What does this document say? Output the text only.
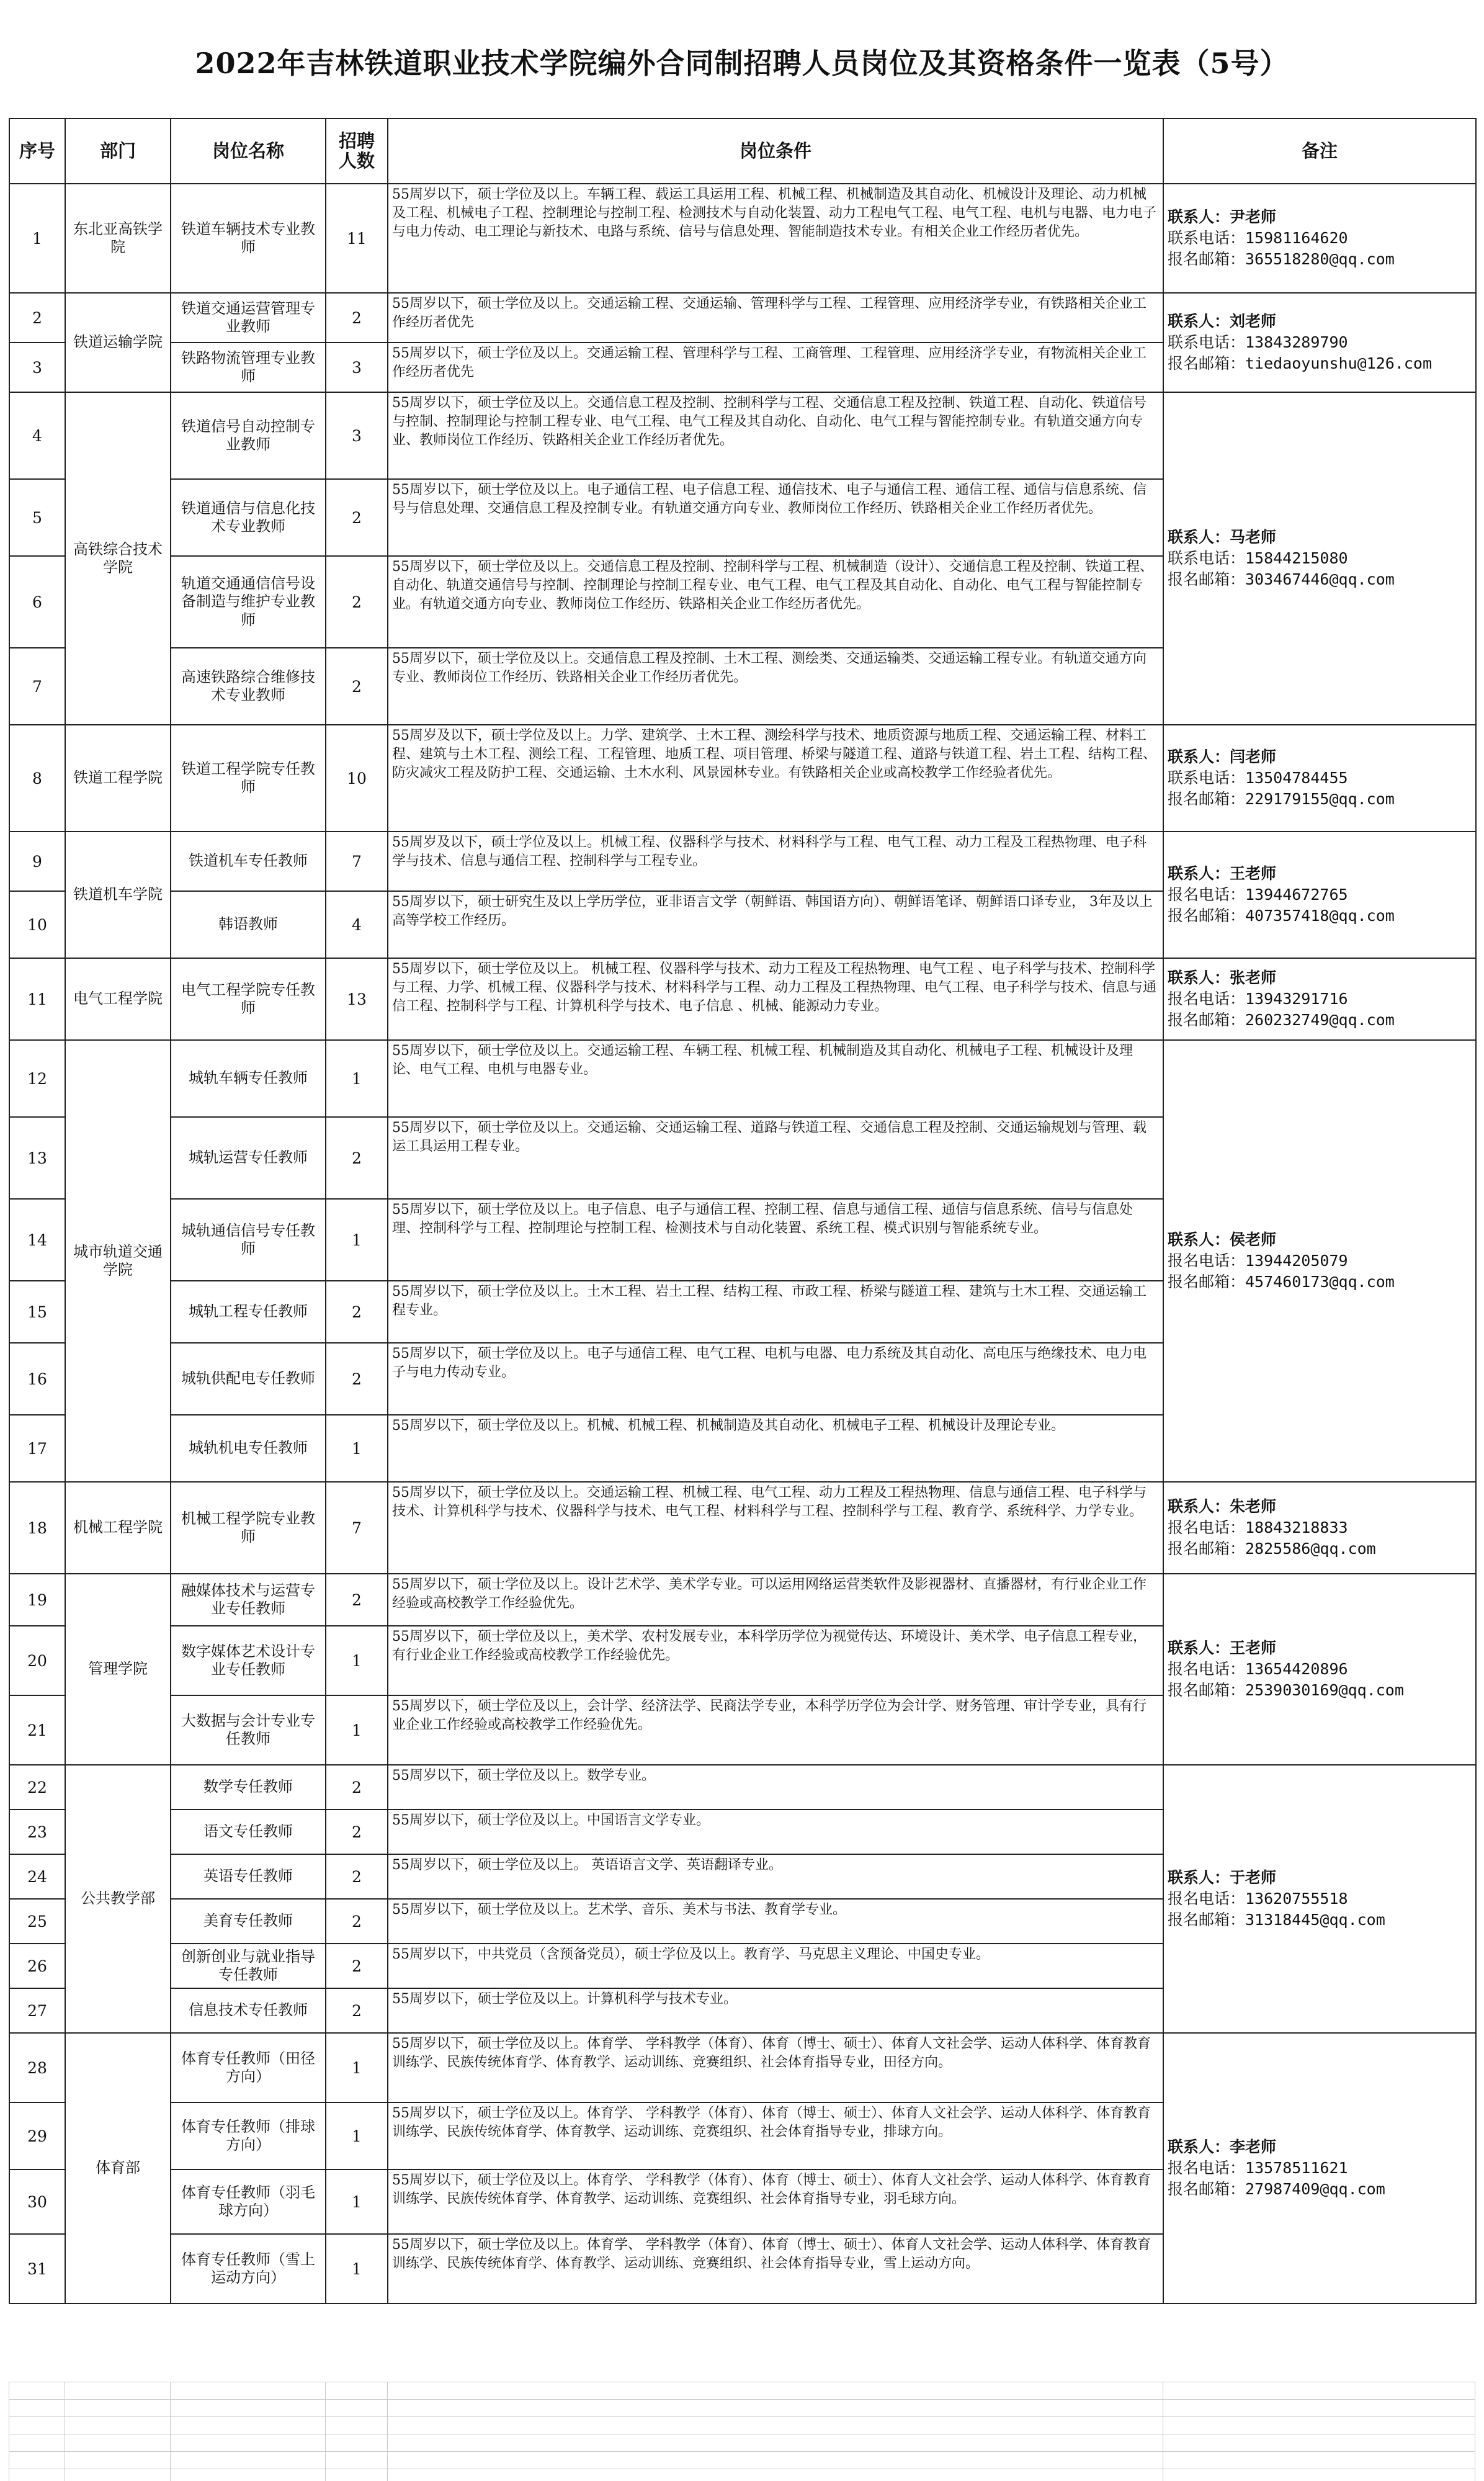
2022年吉林铁道职业技术学院编外合同制招聘人员岗位及其资格条件一览表（5号）
序号	部门	岗位名称	招聘人数	岗位条件	备注
1	东北亚高铁学院	铁道车辆技术专业教师	11	55周岁以下，硕士学位及以上。车辆工程、载运工具运用工程、机械工程、机械制造及其自动化、机械设计及理论、动力机械及工程、机械电子工程、控制理论与控制工程、检测技术与自动化装置、动力工程电气工程、电气工程、电机与电器、电力电子与电力传动、电工理论与新技术、电路与系统、信号与信息处理、智能制造技术专业。有相关企业工作经历者优先。	联系人：尹老师
联系电话：15981164620
报名邮箱：365518280@qq.com

2	铁道运输学院	铁道交通运营管理专业教师	2	55周岁以下，硕士学位及以上。交通运输工程、交通运输、管理科学与工程、工程管理、应用经济学专业，有铁路相关企业工作经历者优先	联系人：刘老师
联系电话：13843289790
报名邮箱：tiedaoyunshu@126.com

3		铁路物流管理专业教师	3	55周岁以下，硕士学位及以上。交通运输工程、管理科学与工程、工商管理、工程管理、应用经济学专业，有物流相关企业工作经历者优先	
4	高铁综合技术学院	铁道信号自动控制专业教师	3	55周岁以下，硕士学位及以上。交通信息工程及控制、控制科学与工程、交通信息工程及控制、铁道工程、自动化、铁道信号与控制、控制理论与控制工程专业、电气工程、电气工程及其自动化、自动化、电气工程与智能控制专业。有轨道交通方向专业、教师岗位工作经历、铁路相关企业工作经历者优先。	联系人：马老师
联系电话：15844215080
报名邮箱：303467446@qq.com

5		铁道通信与信息化技术专业教师	2	55周岁以下，硕士学位及以上。电子通信工程、电子信息工程、通信技术、电子与通信工程、通信工程、通信与信息系统、信号与信息处理、交通信息工程及控制专业。有轨道交通方向专业、教师岗位工作经历、铁路相关企业工作经历者优先。	
6		轨道交通通信信号设备制造与维护专业教师	2	55周岁以下，硕士学位及以上。交通信息工程及控制、控制科学与工程、机械制造（设计）、交通信息工程及控制、铁道工程、自动化、轨道交通信号与控制、控制理论与控制工程专业、电气工程、电气工程及其自动化、自动化、电气工程与智能控制专业。有轨道交通方向专业、教师岗位工作经历、铁路相关企业工作经历者优先。	
7		高速铁路综合维修技术专业教师	2	55周岁以下，硕士学位及以上。交通信息工程及控制、土木工程、测绘类、交通运输类、交通运输工程专业。有轨道交通方向专业、教师岗位工作经历、铁路相关企业工作经历者优先。	
8	铁道工程学院	铁道工程学院专任教师	10	55周岁及以下，硕士学位及以上。力学、建筑学、土木工程、测绘科学与技术、地质资源与地质工程、交通运输工程、材料工程、建筑与土木工程、测绘工程、工程管理、地质工程、项目管理、桥梁与隧道工程、道路与铁道工程、岩土工程、结构工程、防灾减灾工程及防护工程、交通运输、土木水利、风景园林专业。有铁路相关企业或高校教学工作经验者优先。	联系人：闫老师
联系电话：13504784455
报名邮箱：229179155@qq.com

9	铁道机车学院	铁道机车专任教师	7	55周岁及以下，硕士学位及以上。机械工程、仪器科学与技术、材料科学与工程、电气工程、动力工程及工程热物理、电子科学与技术、信息与通信工程、控制科学与工程专业。	联系人：王老师
报名电话：13944672765
报名邮箱：407357418@qq.com

10		韩语教师	4	55周岁以下，硕士研究生及以上学历学位，亚非语言文学（朝鲜语、韩国语方向）、朝鲜语笔译、朝鲜语口译专业， 3年及以上高等学校工作经历。	
11	电气工程学院	电气工程学院专任教师	13	55周岁以下，硕士学位及以上。 机械工程、仪器科学与技术、动力工程及工程热物理、电气工程 、电子科学与技术、控制科学与工程、力学、机械工程、仪器科学与技术、材料科学与工程、动力工程及工程热物理、电气工程、电子科学与技术、信息与通信工程、控制科学与工程、计算机科学与技术、电子信息 、机械、能源动力专业。	联系人：张老师
报名电话：13943291716
报名邮箱：260232749@qq.com

12	城市轨道交通学院	城轨车辆专任教师	1	55周岁以下，硕士学位及以上。交通运输工程、车辆工程、机械工程、机械制造及其自动化、机械电子工程、机械设计及理论、电气工程、电机与电器专业。	联系人：侯老师
报名电话：13944205079
报名邮箱：457460173@qq.com

13		城轨运营专任教师	2	55周岁以下，硕士学位及以上。交通运输、交通运输工程、道路与铁道工程、交通信息工程及控制、交通运输规划与管理、载运工具运用工程专业。	
14		城轨通信信号专任教师	1	55周岁以下，硕士学位及以上。电子信息、电子与通信工程、控制工程、信息与通信工程、通信与信息系统、信号与信息处理、控制科学与工程、控制理论与控制工程、检测技术与自动化装置、系统工程、模式识别与智能系统专业。	
15		城轨工程专任教师	2	55周岁以下，硕士学位及以上。土木工程、岩土工程、结构工程、市政工程、桥梁与隧道工程、建筑与土木工程、交通运输工程专业。	
16		城轨供配电专任教师	2	55周岁以下，硕士学位及以上。电子与通信工程、电气工程、电机与电器、电力系统及其自动化、高电压与绝缘技术、电力电子与电力传动专业。	
17		城轨机电专任教师	1	55周岁以下，硕士学位及以上。机械、机械工程、机械制造及其自动化、机械电子工程、机械设计及理论专业。	
18	机械工程学院	机械工程学院专业教师	7	55周岁以下，硕士学位及以上。交通运输工程、机械工程、电气工程、动力工程及工程热物理、信息与通信工程、电子科学与技术、计算机科学与技术、仪器科学与技术、电气工程、材料科学与工程、控制科学与工程、教育学、系统科学、力学专业。	联系人：朱老师
报名电话：18843218833
报名邮箱：2825586@qq.com

19	管理学院	融媒体技术与运营专业专任教师	2	55周岁以下，硕士学位及以上。设计艺术学、美术学专业。可以运用网络运营类软件及影视器材、直播器材，有行业企业工作经验或高校教学工作经验优先。	联系人：王老师
报名电话：13654420896
报名邮箱：2539030169@qq.com

20		数字媒体艺术设计专业专任教师	1	55周岁以下，硕士学位及以上，美术学、农村发展专业，本科学历学位为视觉传达、环境设计、美术学、电子信息工程专业，有行业企业工作经验或高校教学工作经验优先。	
21		大数据与会计专业专任教师	1	55周岁以下，硕士学位及以上，会计学、经济法学、民商法学专业，本科学历学位为会计学、财务管理、审计学专业，具有行业企业工作经验或高校教学工作经验优先。	
22	公共教学部	数学专任教师	2	55周岁以下，硕士学位及以上。数学专业。	联系人：于老师
报名电话：13620755518
报名邮箱：31318445@qq.com

23		语文专任教师	2	55周岁以下，硕士学位及以上。中国语言文学专业。	
24		英语专任教师	2	55周岁以下，硕士学位及以上。 英语语言文学、英语翻译专业。	
25		美育专任教师	2	55周岁以下，硕士学位及以上。艺术学、音乐、美术与书法、教育学专业。	
26		创新创业与就业指导专任教师	2	55周岁以下，中共党员（含预备党员），硕士学位及以上。教育学、马克思主义理论、中国史专业。	
27		信息技术专任教师	2	55周岁以下，硕士学位及以上。计算机科学与技术专业。	
28	体育部	体育专任教师（田径方向）	1	55周岁以下，硕士学位及以上。体育学、 学科教学（体育）、体育（博士、硕士）、体育人文社会学、运动人体科学、体育教育训练学、民族传统体育学、体育教学、运动训练、竞赛组织、社会体育指导专业，田径方向。	联系人：李老师
报名电话：13578511621
报名邮箱：27987409@qq.com

29		体育专任教师（排球方向）	1	55周岁以下，硕士学位及以上。体育学、 学科教学（体育）、体育（博士、硕士）、体育人文社会学、运动人体科学、体育教育训练学、民族传统体育学、体育教学、运动训练、竞赛组织、社会体育指导专业，排球方向。	
30		体育专任教师（羽毛球方向）	1	55周岁以下，硕士学位及以上。体育学、 学科教学（体育）、体育（博士、硕士）、体育人文社会学、运动人体科学、体育教育训练学、民族传统体育学、体育教学、运动训练、竞赛组织、社会体育指导专业，羽毛球方向。	
31		体育专任教师（雪上运动方向）	1	55周岁以下，硕士学位及以上。体育学、 学科教学（体育）、体育（博士、硕士）、体育人文社会学、运动人体科学、体育教育训练学、民族传统体育学、体育教学、运动训练、竞赛组织、社会体育指导专业，雪上运动方向。	
